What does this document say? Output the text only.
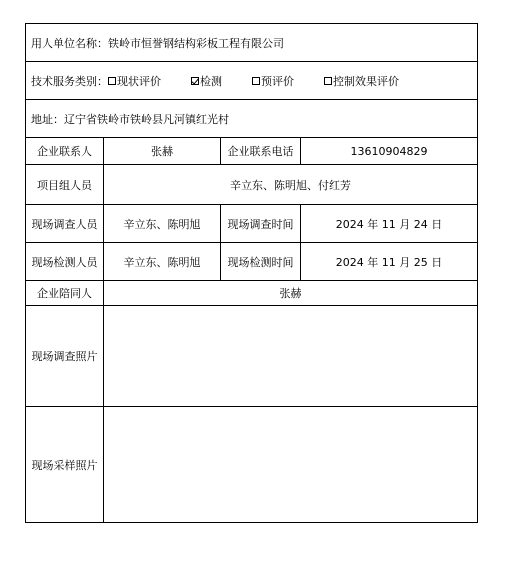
用人单位名称： 铁岭市恒誉钢结构彩板工程有限公司
技术服务类别： 现状评价	检测	预评价	控制效果评价
地址： 辽宁省铁岭市铁岭县凡河镇红光村
企业联系人	张赫	企业联系电话	13610904829
项目组人员	辛立东、陈明旭、付红芳
现场调查人员	辛立东、陈明旭	现场调查时间	2024 年 11 月 24 日
现场检测人员	辛立东、陈明旭	现场检测时间	2024 年 11 月 25 日
企业陪同人	张赫
现场调查照片
现场采样照片
